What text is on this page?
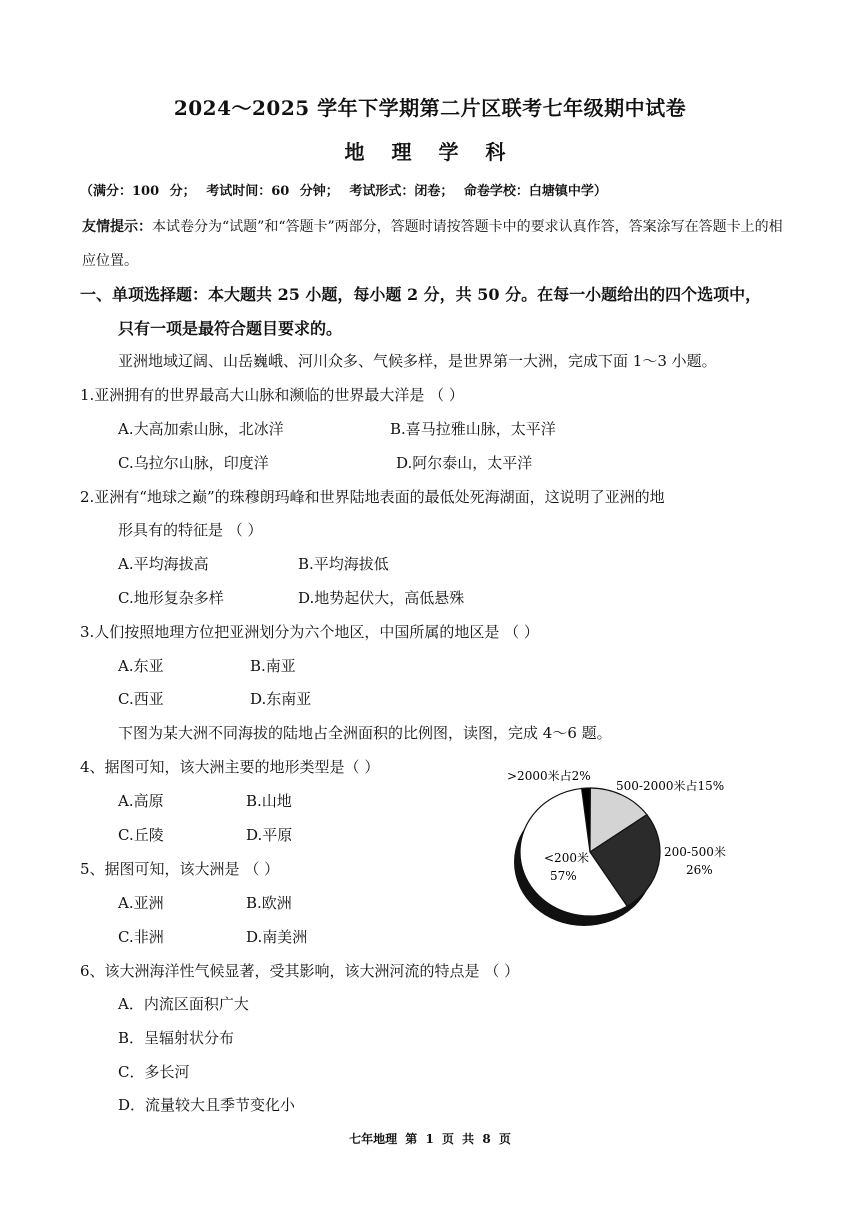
2024～2025 学年下学期第二片区联考七年级期中试卷
地 理 学 科
（满分：100 分； 考试时间：60 分钟； 考试形式：闭卷； 命卷学校：白塘镇中学）
友情提示：本试卷分为“试题”和“答题卡”两部分，答题时请按答题卡中的要求认真作答，答案涂写在答题卡上的相应位置。
一、单项选择题：本大题共 25 小题，每小题 2 分，共 50 分。在每一小题给出的四个选项中，
只有一项是最符合题目要求的。
亚洲地域辽阔、山岳巍峨、河川众多、气候多样，是世界第一大洲，完成下面 1～3 小题。
1.亚洲拥有的世界最高大山脉和濒临的世界最大洋是 （ ）
A.大高加索山脉，北冰洋	B.喜马拉雅山脉，太平洋
C.乌拉尔山脉，印度洋	D.阿尔泰山，太平洋
2.亚洲有“地球之巅”的珠穆朗玛峰和世界陆地表面的最低处死海湖面，这说明了亚洲的地
形具有的特征是 （ ）
A.平均海拔高	B.平均海拔低
C.地形复杂多样	D.地势起伏大，高低悬殊
3.人们按照地理方位把亚洲划分为六个地区，中国所属的地区是 （ ）
A.东亚	B.南亚
C.西亚	D.东南亚
下图为某大洲不同海拔的陆地占全洲面积的比例图，读图，完成 4～6 题。
4、据图可知，该大洲主要的地形类型是（ ）
A.高原	B.山地
C.丘陵	D.平原
5、据图可知，该大洲是 （ ）
A.亚洲	B.欧洲
C.非洲	D.南美洲
6、该大洲海洋性气候显著，受其影响，该大洲河流的特点是 （ ）
A．内流区面积广大
B．呈辐射状分布
C．多长河
D．流量较大且季节变化小
>2000米占2%
500-2000米占15%
200-500米
26%
<200米
57%
七年地理 第 1 页 共 8 页
